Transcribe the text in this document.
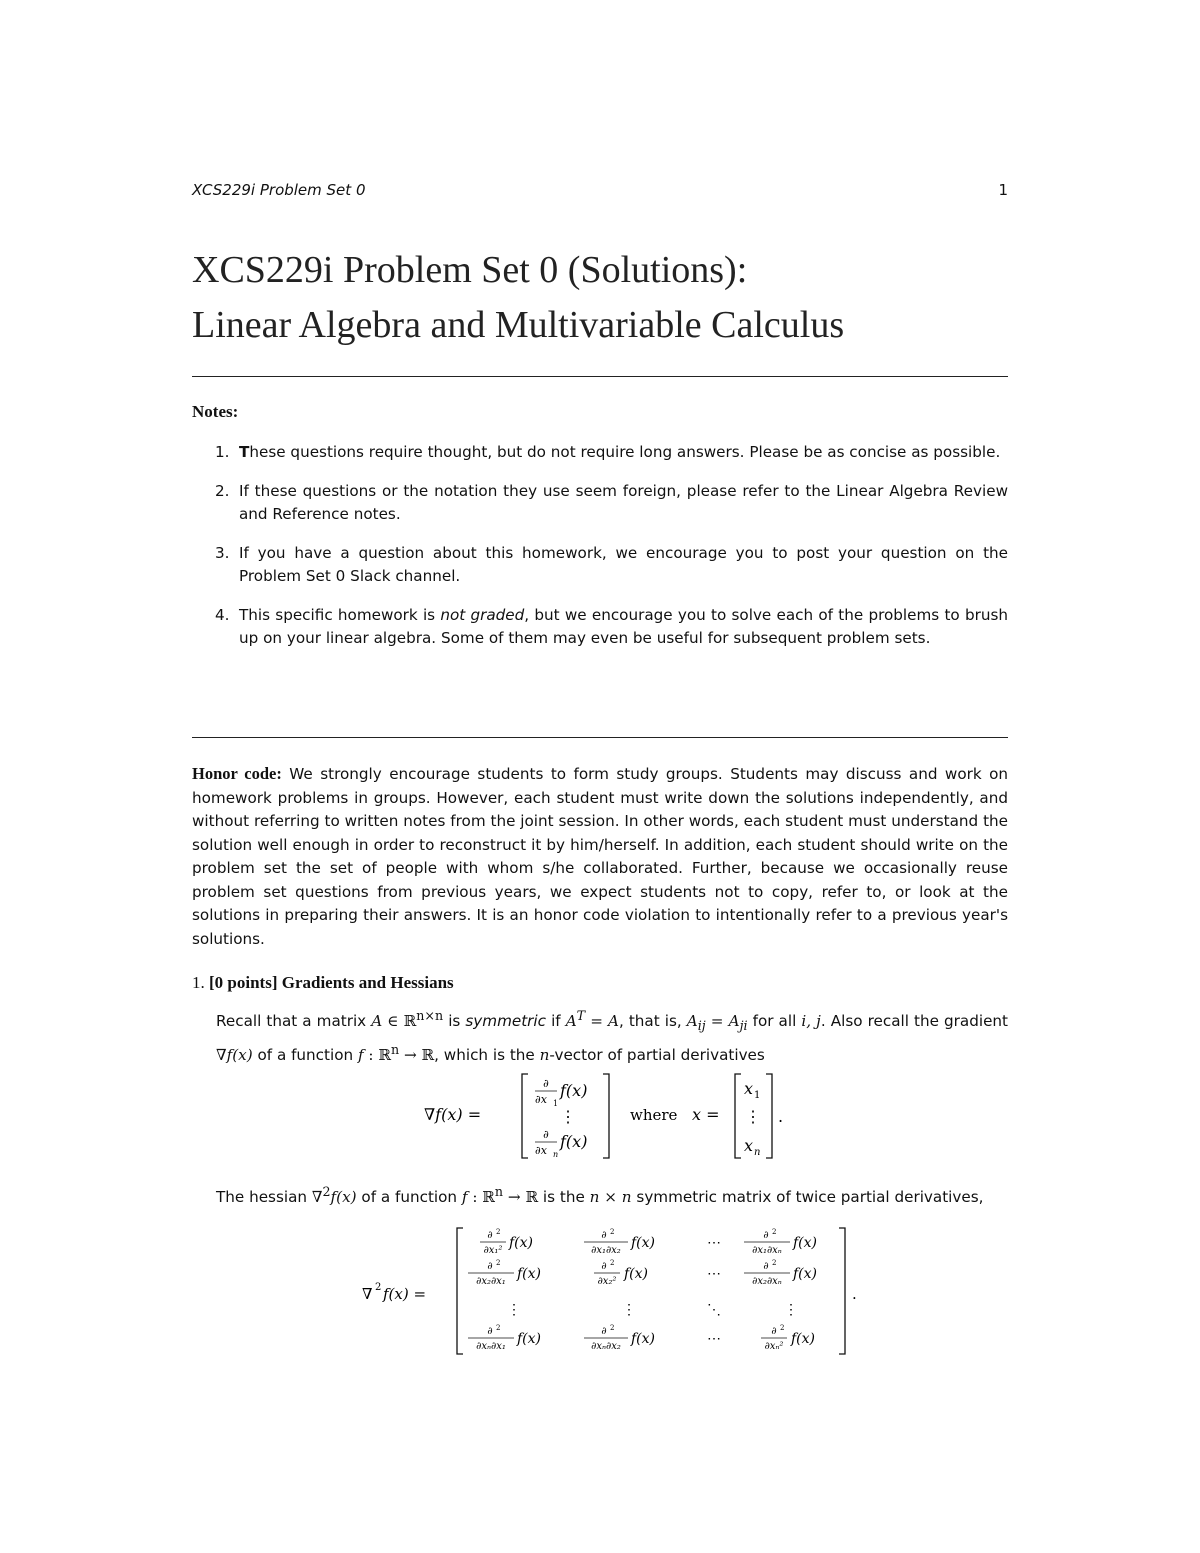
XCS229i Problem Set 0	1
XCS229i Problem Set 0 (Solutions):
Linear Algebra and Multivariable Calculus
Notes:
1. These questions require thought, but do not require long answers. Please be as concise as possible.
2. If these questions or the notation they use seem foreign, please refer to the Linear Algebra Review and Reference notes.
3. If you have a question about this homework, we encourage you to post your question on the Problem Set 0 Slack channel.
4. This specific homework is not graded, but we encourage you to solve each of the problems to brush up on your linear algebra. Some of them may even be useful for subsequent problem sets.
Honor code: We strongly encourage students to form study groups. Students may discuss and work on homework problems in groups. However, each student must write down the solutions independently, and without referring to written notes from the joint session. In other words, each student must understand the solution well enough in order to reconstruct it by him/herself. In addition, each student should write on the problem set the set of people with whom s/he collaborated. Further, because we occasionally reuse problem set questions from previous years, we expect students not to copy, refer to, or look at the solutions in preparing their answers. It is an honor code violation to intentionally refer to a previous year's solutions.
1. [0 points] Gradients and Hessians
Recall that a matrix A ∈ ℝ$^{n\times n}$ is symmetric if $A^T = A$, that is, $A_{ij} = A_{ji}$ for all i, j. Also recall the gradient ∇f(x) of a function f : ℝ$^n$ → ℝ, which is the n-vector of partial derivatives
∇f(x) =
∂
∂x 1
f(x)
⋮
∂
∂x n
f(x)
where x =
x 1
⋮
x n
.
The hessian ∇$^2$f(x) of a function f : ℝ$^n$ → ℝ is the n × n symmetric matrix of twice partial derivatives,
∇ 2 f(x) =	.
∂ 2
∂x₁² f(x)	∂ 2
∂x₁∂x₂ f(x)	⋯	∂ 2
∂x₁∂xₙ f(x)
∂ 2
∂x₂∂x₁ f(x)	∂ 2
∂x₂² f(x)	⋯	∂ 2
∂x₂∂xₙ f(x)
⋮	⋮	⋱	⋮
∂ 2
∂xₙ∂x₁ f(x)	∂ 2
∂xₙ∂x₂ f(x)	⋯	∂ 2
∂xₙ² f(x)
